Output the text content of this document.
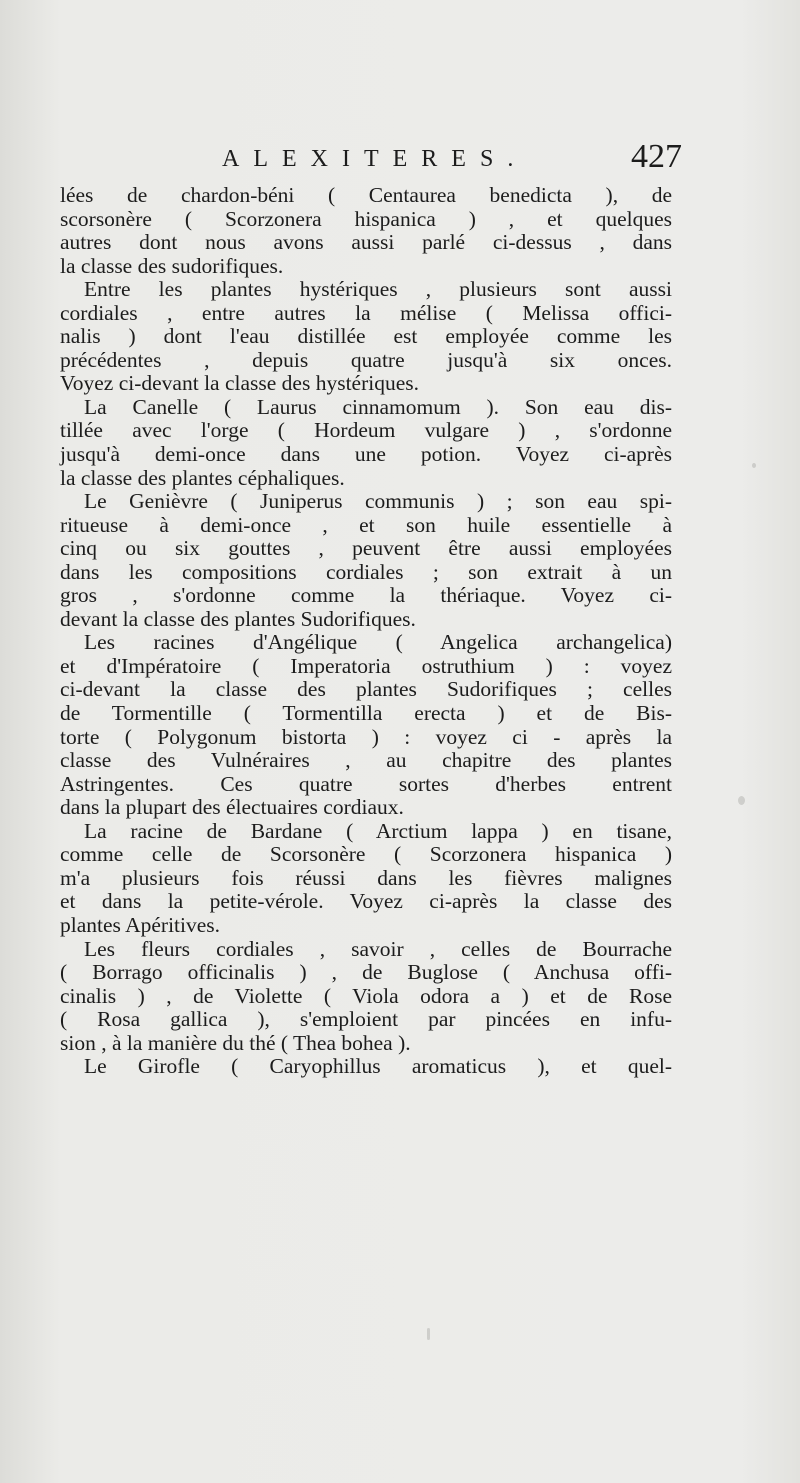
ALEXITERES.	427
lées de chardon-béni ( Centaurea benedicta ), de
scorsonère ( Scorzonera hispanica ) , et quelques
autres dont nous avons aussi parlé ci-dessus , dans
la classe des sudorifiques.
Entre les plantes hystériques , plusieurs sont aussi
cordiales , entre autres la mélise ( Melissa offici-
nalis ) dont l'eau distillée est employée comme les
précédentes , depuis quatre jusqu'à six onces.
Voyez ci-devant la classe des hystériques.
La Canelle ( Laurus cinnamomum ). Son eau dis-
tillée avec l'orge ( Hordeum vulgare ) , s'ordonne
jusqu'à demi-once dans une potion. Voyez ci-après
la classe des plantes céphaliques.
Le Genièvre ( Juniperus communis ) ; son eau spi-
ritueuse à demi-once , et son huile essentielle à
cinq ou six gouttes , peuvent être aussi employées
dans les compositions cordiales ; son extrait à un
gros , s'ordonne comme la thériaque. Voyez ci-
devant la classe des plantes Sudorifiques.
Les racines d'Angélique ( Angelica archangelica)
et d'Impératoire ( Imperatoria ostruthium ) : voyez
ci-devant la classe des plantes Sudorifiques ; celles
de Tormentille ( Tormentilla erecta ) et de Bis-
torte ( Polygonum bistorta ) : voyez ci - après la
classe des Vulnéraires , au chapitre des plantes
Astringentes. Ces quatre sortes d'herbes entrent
dans la plupart des électuaires cordiaux.
La racine de Bardane ( Arctium lappa ) en tisane,
comme celle de Scorsonère ( Scorzonera hispanica )
m'a plusieurs fois réussi dans les fièvres malignes
et dans la petite-vérole. Voyez ci-après la classe des
plantes Apéritives.
Les fleurs cordiales , savoir , celles de Bourrache
( Borrago officinalis ) , de Buglose ( Anchusa offi-
cinalis ) , de Violette ( Viola odora a ) et de Rose
( Rosa gallica ), s'emploient par pincées en infu-
sion , à la manière du thé ( Thea bohea ).
Le Girofle ( Caryophillus aromaticus ), et quel-
